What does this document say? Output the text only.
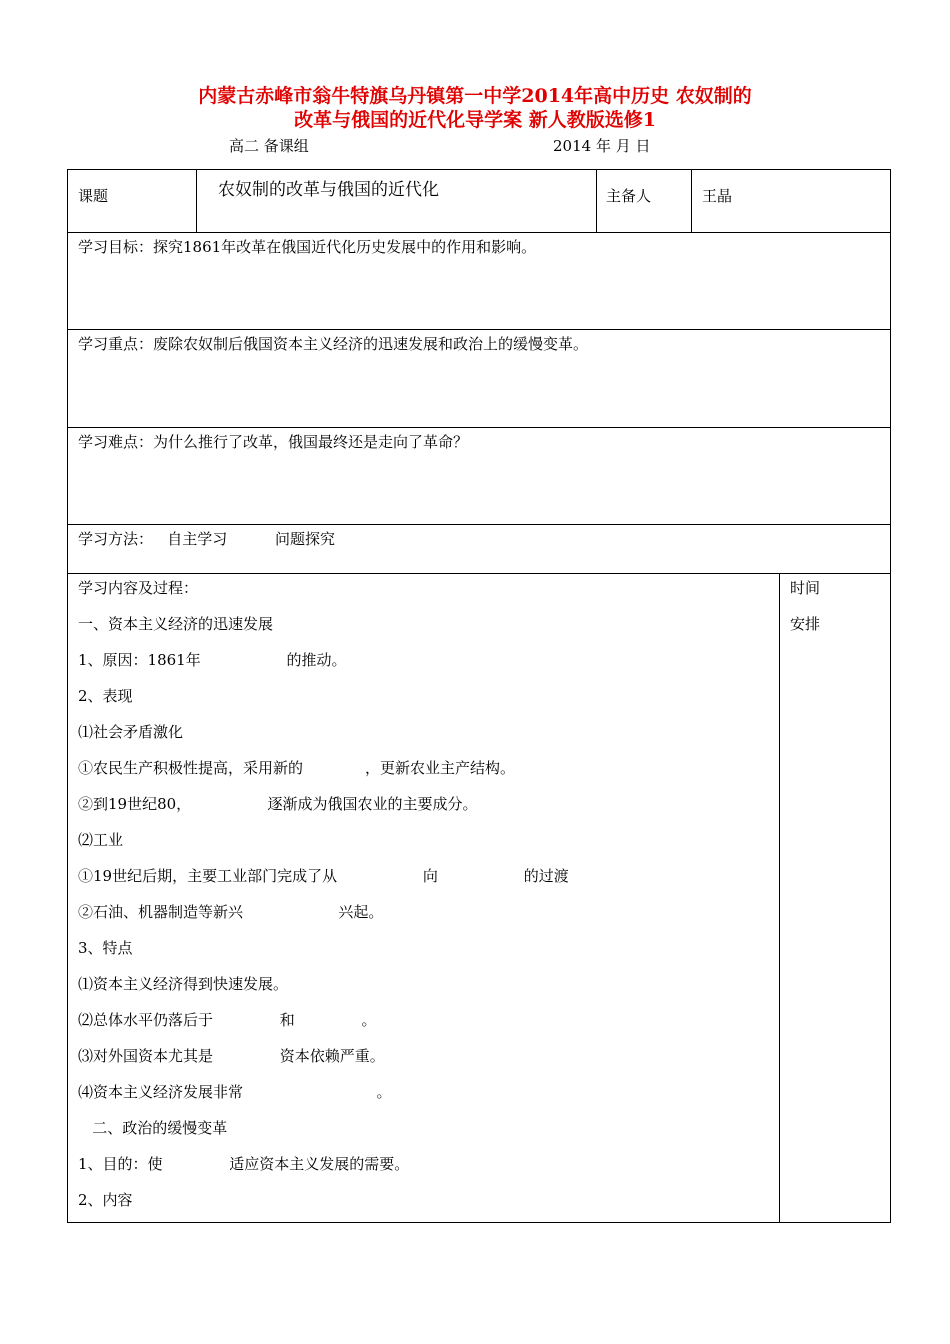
内蒙古赤峰市翁牛特旗乌丹镇第一中学2014年高中历史 农奴制的
改革与俄国的近代化导学案 新人教版选修1
高二 备课组	2014 年 月 日
课题	农奴制的改革与俄国的近代化	主备人	王晶
学习目标：探究1861年改革在俄国近代化历史发展中的作用和影响。
学习重点：废除农奴制后俄国资本主义经济的迅速发展和政治上的缓慢变革。
学习难点：为什么推行了改革，俄国最终还是走向了革命？
学习方法：   自主学习          问题探究
学习内容及过程：	时间
安排
一、资本主义经济的迅速发展
1、原因：1861年                  的推动。
2、表现
⑴社会矛盾激化
①农民生产积极性提高，采用新的             ，更新农业主产结构。
②到19世纪80，                逐渐成为俄国农业的主要成分。
⑵工业
①19世纪后期，主要工业部门完成了从                  向                  的过渡
②石油、机器制造等新兴                    兴起。
3、特点
⑴资本主义经济得到快速发展。
⑵总体水平仍落后于              和              。
⑶对外国资本尤其是              资本依赖严重。
⑷资本主义经济发展非常                            。
二、政治的缓慢变革
1、目的：使              适应资本主义发展的需要。
2、内容
